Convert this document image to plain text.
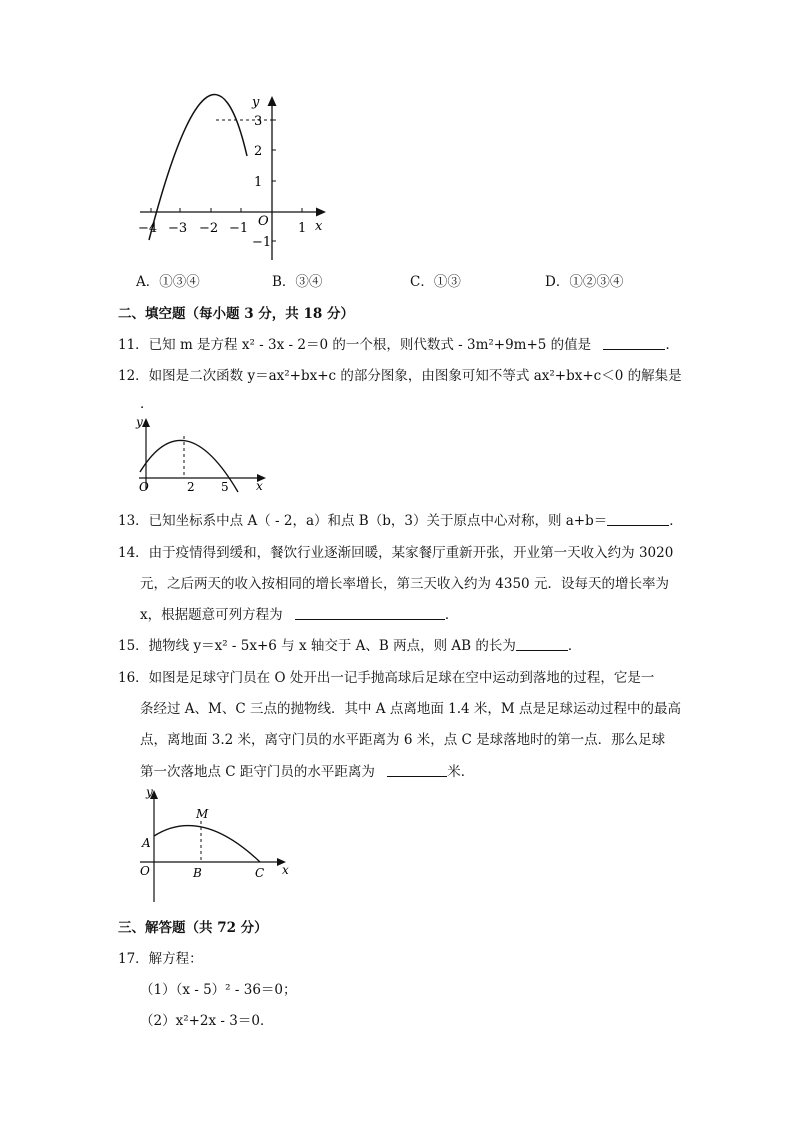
y
x
O
−4 −3 −2 −1	1
3
2
1
−1
A．①③④	B．③④	C．①③	D．①②③④
二、填空题（每小题 3 分，共 18 分）
11．已知 m 是方程 x² - 3x - 2＝0 的一个根，则代数式 - 3m²+9m+5 的值是	．
12．如图是二次函数 y＝ax²+bx+c 的部分图象，由图象可知不等式 ax²+bx+c＜0 的解集是
．
y
x
O	2 5
13．已知坐标系中点 A（ - 2，a）和点 B（b，3）关于原点中心对称，则 a+b＝	．
14．由于疫情得到缓和，餐饮行业逐渐回暖，某家餐厅重新开张，开业第一天收入约为 3020
元，之后两天的收入按相同的增长率增长，第三天收入约为 4350 元．设每天的增长率为
x，根据题意可列方程为	．
15．抛物线 y＝x² - 5x+6 与 x 轴交于 A、B 两点，则 AB 的长为	．
16．如图是足球守门员在 O 处开出一记手抛高球后足球在空中运动到落地的过程，它是一
条经过 A、M、C 三点的抛物线．其中 A 点离地面 1.4 米，M 点是足球运动过程中的最高
点，离地面 3.2 米，离守门员的水平距离为 6 米，点 C 是球落地时的第一点．那么足球
第一次落地点 C 距守门员的水平距离为	米．
y
x
O
A
M
B	C
三、解答题（共 72 分）
17．解方程：
（1）（x - 5）² - 36＝0；
（2）x²+2x - 3＝0．
